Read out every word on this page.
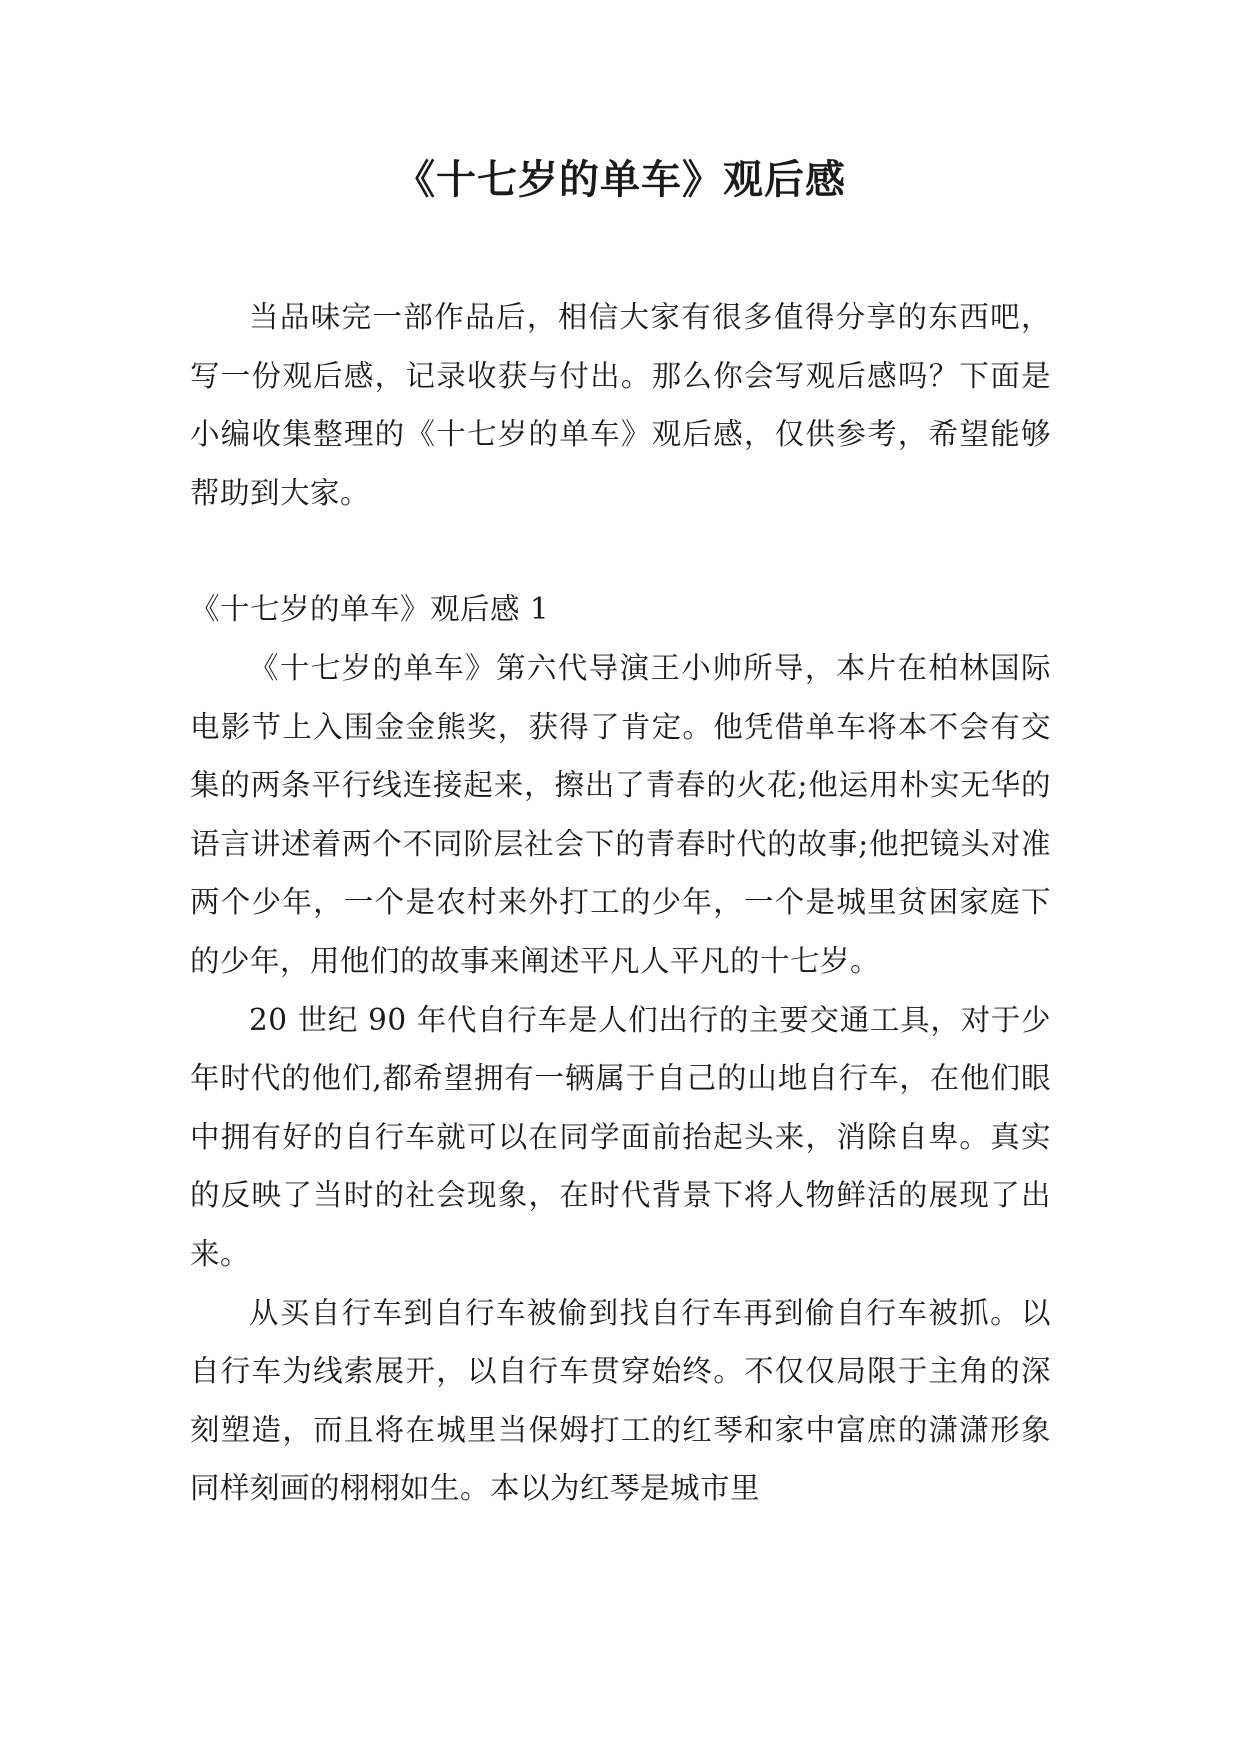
《十七岁的单车》观后感

当品味完一部作品后，相信大家有很多值得分享的东西吧，写一份观后感，记录收获与付出。那么你会写观后感吗？下面是小编收集整理的《十七岁的单车》观后感，仅供参考，希望能够帮助到大家。

《十七岁的单车》观后感 1

《十七岁的单车》第六代导演王小帅所导，本片在柏林国际电影节上入围金金熊奖，获得了肯定。他凭借单车将本不会有交集的两条平行线连接起来，擦出了青春的火花;他运用朴实无华的语言讲述着两个不同阶层社会下的青春时代的故事;他把镜头对准两个少年，一个是农村来外打工的少年，一个是城里贫困家庭下的少年，用他们的故事来阐述平凡人平凡的十七岁。

20 世纪 90 年代自行车是人们出行的主要交通工具，对于少年时代的他们,都希望拥有一辆属于自己的山地自行车，在他们眼中拥有好的自行车就可以在同学面前抬起头来，消除自卑。真实的反映了当时的社会现象，在时代背景下将人物鲜活的展现了出来。

从买自行车到自行车被偷到找自行车再到偷自行车被抓。以自行车为线索展开，以自行车贯穿始终。不仅仅局限于主角的深刻塑造，而且将在城里当保姆打工的红琴和家中富庶的潇潇形象同样刻画的栩栩如生。本以为红琴是城市里
